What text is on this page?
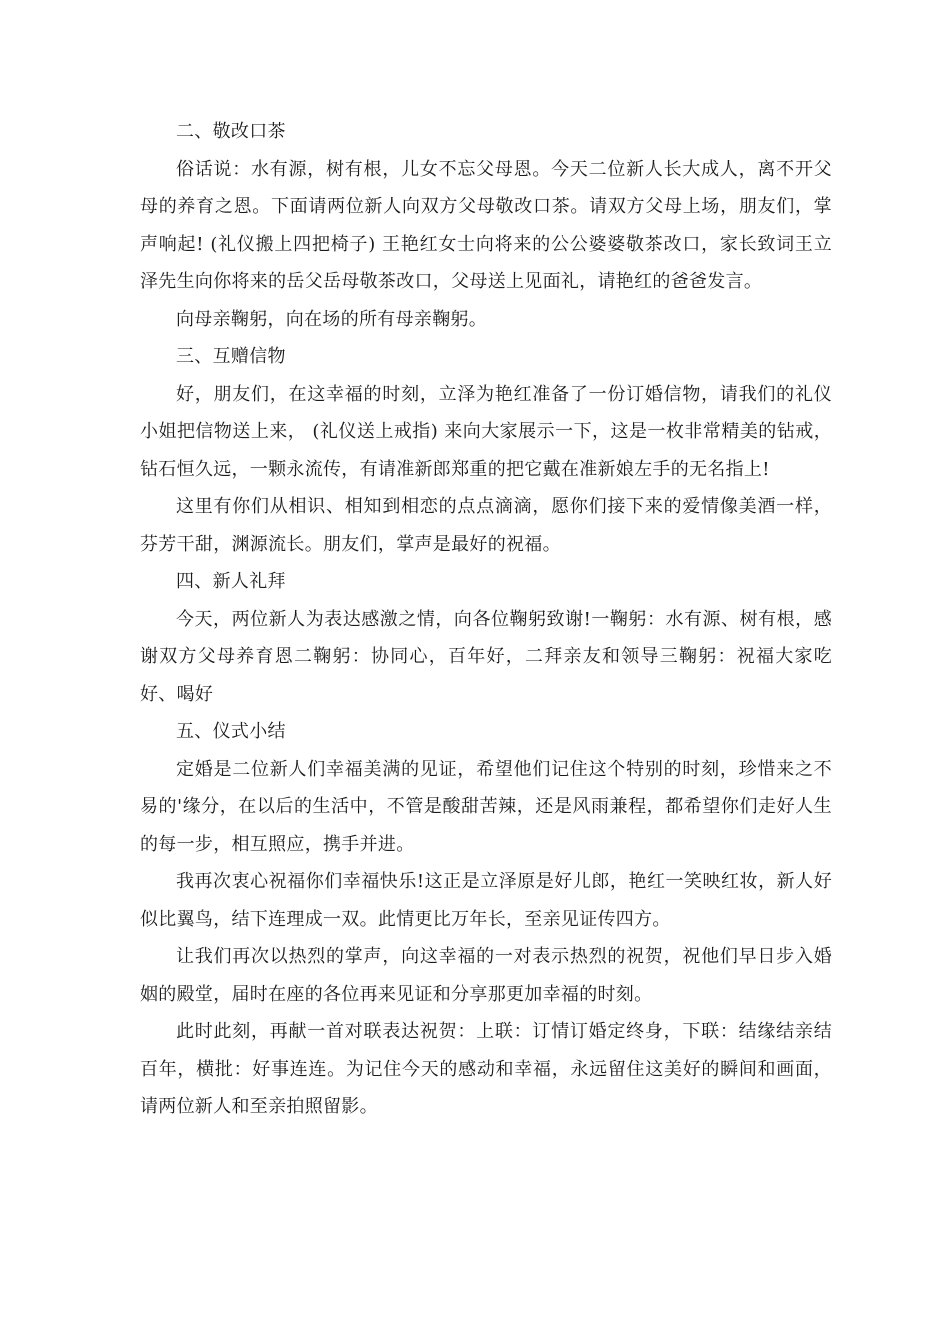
二、敬改口茶

俗话说：水有源，树有根，儿女不忘父母恩。今天二位新人长大成人，离不开父母的养育之恩。下面请两位新人向双方父母敬改口茶。请双方父母上场，朋友们，掌声响起! (礼仪搬上四把椅子) 王艳红女士向将来的公公婆婆敬茶改口，家长致词王立泽先生向你将来的岳父岳母敬茶改口，父母送上见面礼，请艳红的爸爸发言。

向母亲鞠躬，向在场的所有母亲鞠躬。

三、互赠信物

好，朋友们，在这幸福的时刻，立泽为艳红准备了一份订婚信物，请我们的礼仪小姐把信物送上来， (礼仪送上戒指) 来向大家展示一下，这是一枚非常精美的钻戒，钻石恒久远，一颗永流传，有请准新郎郑重的把它戴在准新娘左手的无名指上!

这里有你们从相识、相知到相恋的点点滴滴，愿你们接下来的爱情像美酒一样，芬芳干甜，渊源流长。朋友们，掌声是最好的祝福。

四、新人礼拜

今天，两位新人为表达感激之情，向各位鞠躬致谢!一鞠躬：水有源、树有根，感谢双方父母养育恩二鞠躬：协同心，百年好，二拜亲友和领导三鞠躬：祝福大家吃好、喝好

五、仪式小结

定婚是二位新人们幸福美满的见证，希望他们记住这个特别的时刻，珍惜来之不易的'缘分，在以后的生活中，不管是酸甜苦辣，还是风雨兼程，都希望你们走好人生的每一步，相互照应，携手并进。

我再次衷心祝福你们幸福快乐!这正是立泽原是好儿郎，艳红一笑映红妆，新人好似比翼鸟，结下连理成一双。此情更比万年长，至亲见证传四方。

让我们再次以热烈的掌声，向这幸福的一对表示热烈的祝贺，祝他们早日步入婚姻的殿堂，届时在座的各位再来见证和分享那更加幸福的时刻。

此时此刻，再献一首对联表达祝贺：上联：订情订婚定终身，下联：结缘结亲结百年，横批：好事连连。为记住今天的感动和幸福，永远留住这美好的瞬间和画面，请两位新人和至亲拍照留影。
